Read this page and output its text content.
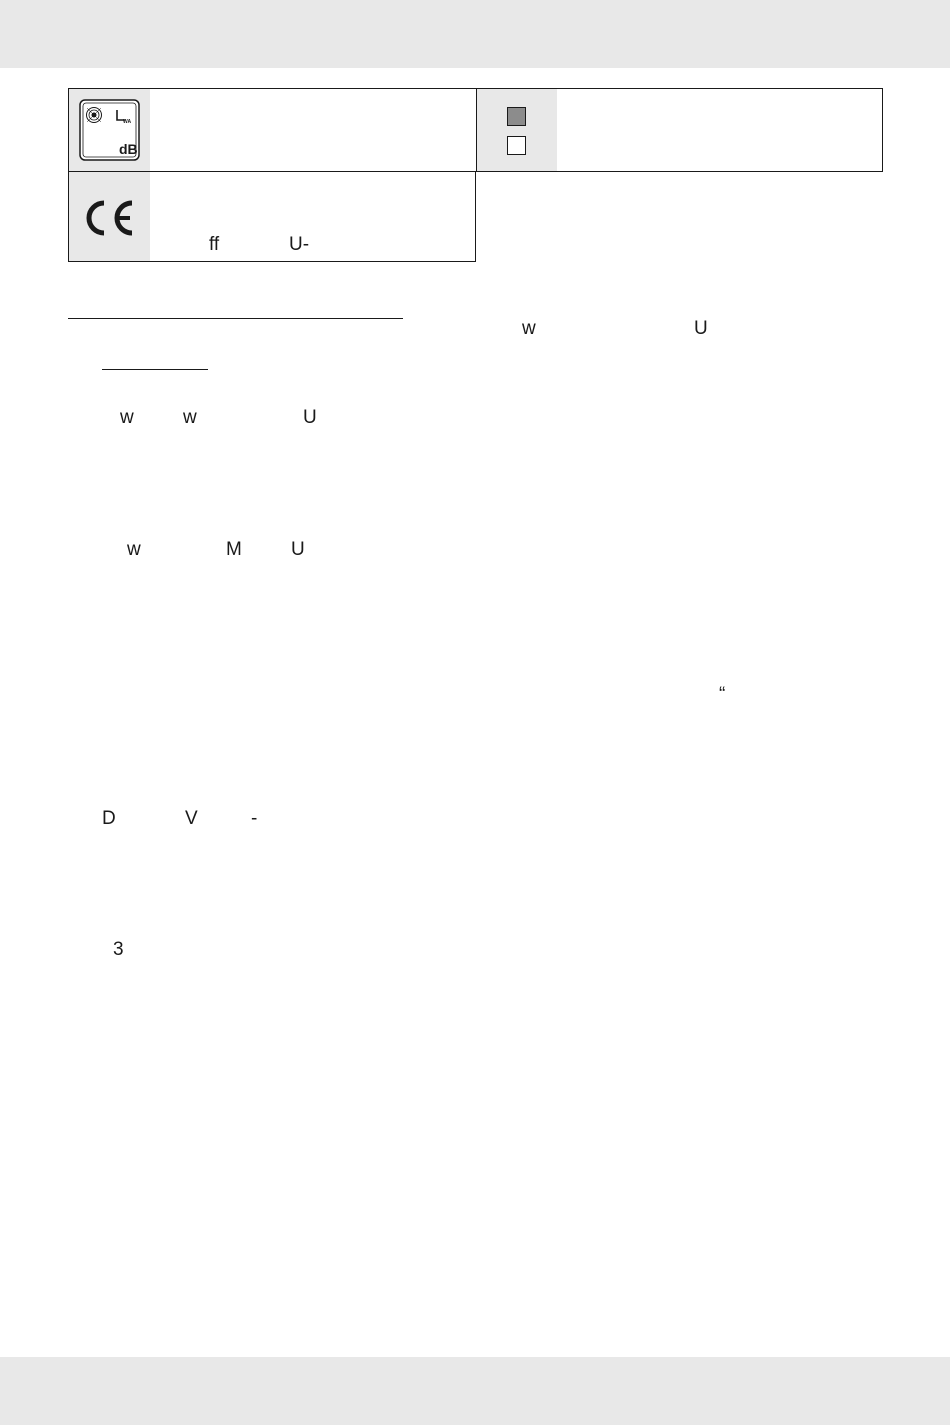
WA
dB
ff	U-
w	w	U
w	M	U
D	V	-
3
w	U
“
